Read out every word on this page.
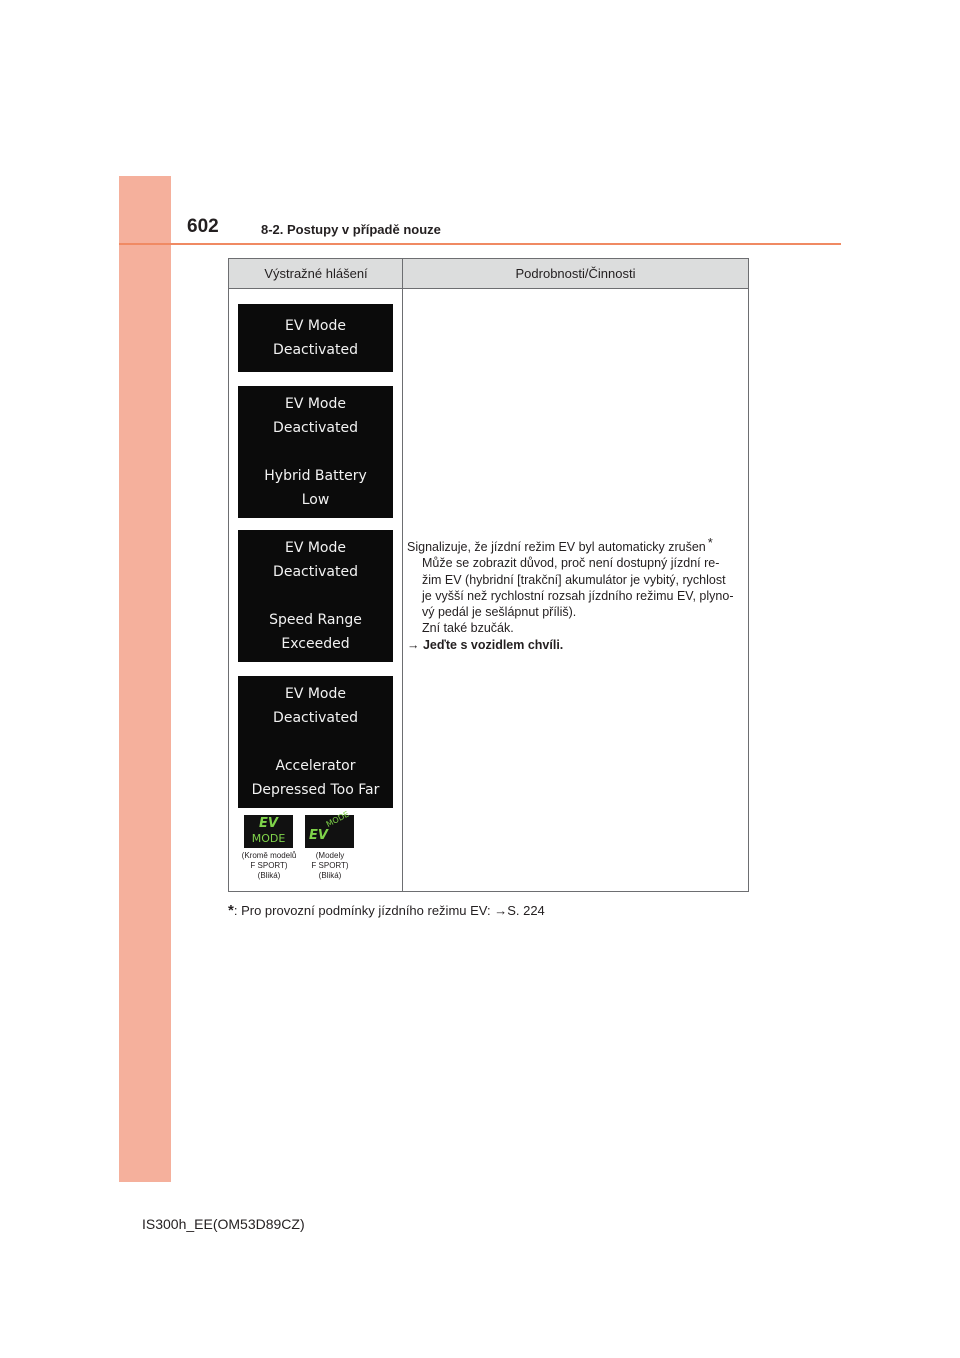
602	8-2. Postupy v případě nouze
Výstražné hlášení	Podrobnosti/Činnosti
EV Mode
Deactivated
EV Mode
Deactivated
Hybrid Battery
Low
EV Mode
Deactivated
Speed Range
Exceeded
EV Mode
Deactivated
Accelerator
Depressed Too Far
EV
MODE
(Kromě modelů
F SPORT)
(Bliká)
EV
MODE
(Modely
F SPORT)
(Bliká)

Signalizuje, že jízdní režim EV byl automaticky zrušen *

Může se zobrazit důvod, proč není dostupný jízdní re-

žim EV (hybridní [trakční] akumulátor je vybitý, rychlost

je vyšší než rychlostní rozsah jízdního režimu EV, plyno-

vý pedál je sešlápnut příliš).

Zní také bzučák.

→ Jeďte s vozidlem chvíli.

*: Pro provozní podmínky jízdního režimu EV: →S. 224
IS300h_EE(OM53D89CZ)
